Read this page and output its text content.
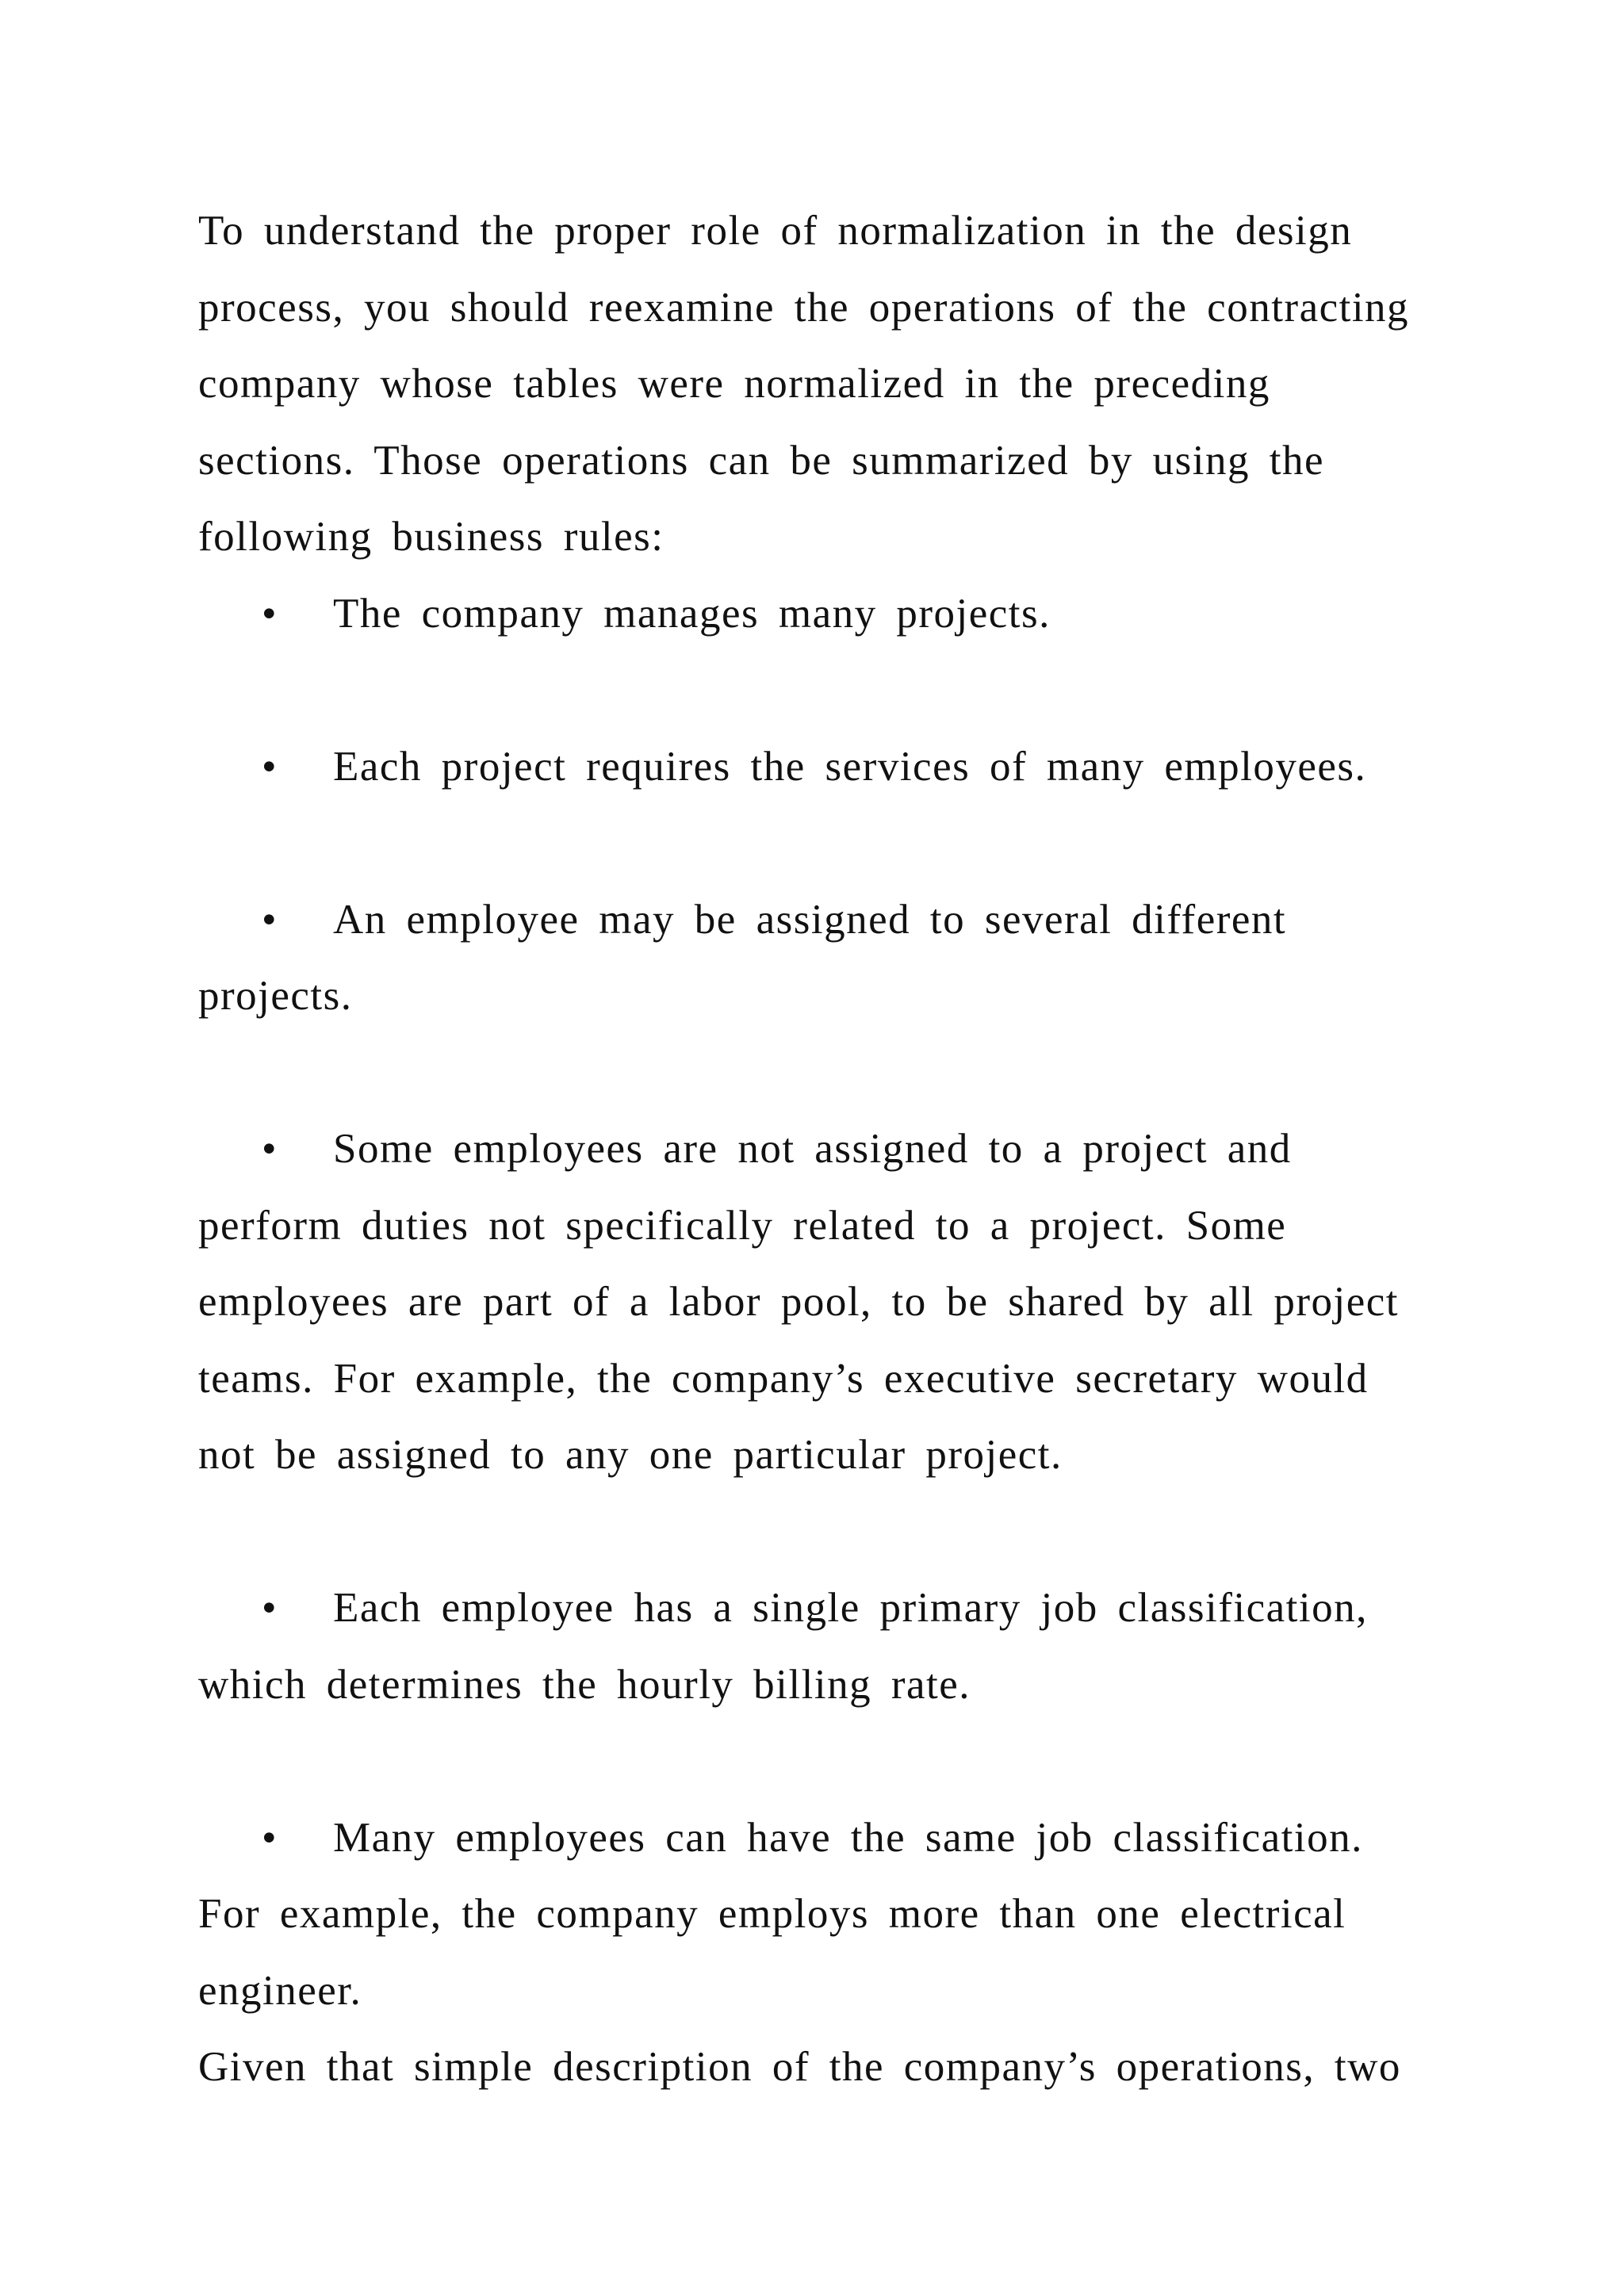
To understand the proper role of normalization in the design process, you should reexamine the operations of the contracting company whose tables were normalized in the preceding sections. Those operations can be summarized by using the following business rules:

• The company manages many projects.

• Each project requires the services of many employees.

• An employee may be assigned to several different projects.

• Some employees are not assigned to a project and perform duties not specifically related to a project. Some employees are part of a labor pool, to be shared by all project teams. For example, the company’s executive secretary would not be assigned to any one particular project.

• Each employee has a single primary job classification, which determines the hourly billing rate.

• Many employees can have the same job classification. For example, the company employs more than one electrical engineer.

Given that simple description of the company’s operations, two
